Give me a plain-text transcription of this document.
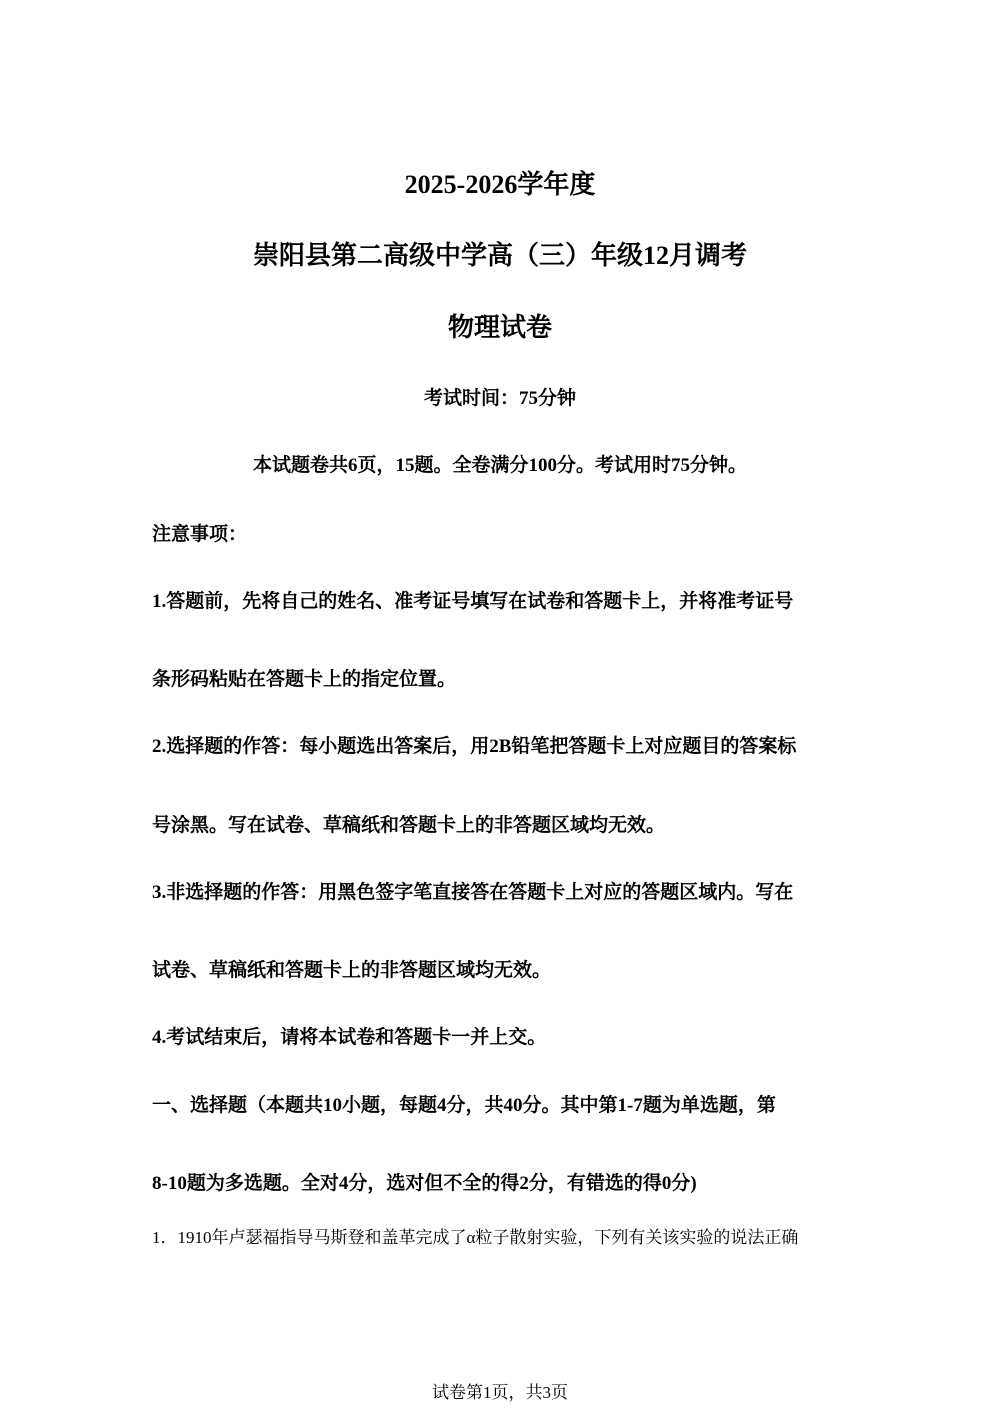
2025-2026学年度
崇阳县第二高级中学高（三）年级12月调考
物理试卷
考试时间：75分钟
本试题卷共6页，15题。全卷满分100分。考试用时75分钟。
注意事项：
1.答题前，先将自己的姓名、准考证号填写在试卷和答题卡上，并将准考证号
条形码粘贴在答题卡上的指定位置。
2.选择题的作答：每小题选出答案后，用2B铅笔把答题卡上对应题目的答案标
号涂黑。写在试卷、草稿纸和答题卡上的非答题区域均无效。
3.非选择题的作答：用黑色签字笔直接答在答题卡上对应的答题区域内。写在
试卷、草稿纸和答题卡上的非答题区域均无效。
4.考试结束后，请将本试卷和答题卡一并上交。
一、选择题（本题共10小题，每题4分，共40分。其中第1-7题为单选题，第
8-10题为多选题。全对4分，选对但不全的得2分，有错选的得0分)
1．1910年卢瑟福指导马斯登和盖革完成了α粒子散射实验，下列有关该实验的说法正确
试卷第1页，共3页
